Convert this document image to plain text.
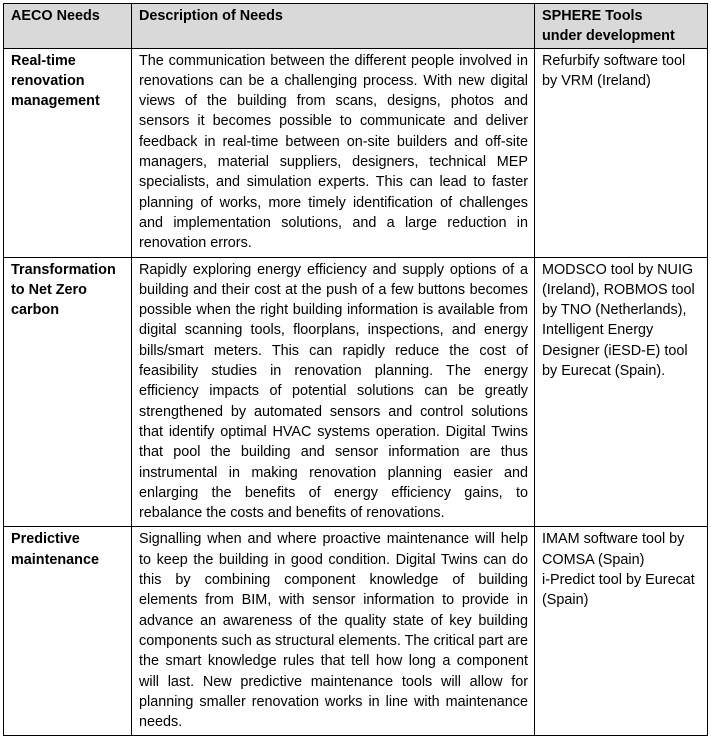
AECO Needs	Description of Needs	SPHERE Tools
under development

Real-time renovation management	The communication between the different people involved in renovations can be a challenging process. With new digital views of the building from scans, designs, photos and sensors it becomes possible to communicate and deliver feedback in real-time between on-site builders and off-site managers, material suppliers, designers, technical MEP specialists, and simulation experts. This can lead to faster planning of works, more timely identification of challenges and implementation solutions, and a large reduction in renovation errors.	Refurbify software tool by VRM (Ireland)

Transformation to Net Zero carbon	Rapidly exploring energy efficiency and supply options of a building and their cost at the push of a few buttons becomes possible when the right building information is available from digital scanning tools, floorplans, inspections, and energy bills/smart meters. This can rapidly reduce the cost of feasibility studies in renovation planning. The energy efficiency impacts of potential solutions can be greatly strengthened by automated sensors and control solutions that identify optimal HVAC systems operation. Digital Twins that pool the building and sensor information are thus instrumental in making renovation planning easier and enlarging the benefits of energy efficiency gains, to rebalance the costs and benefits of renovations.	MODSCO tool by NUIG (Ireland), ROBMOS tool by TNO (Netherlands), Intelligent Energy Designer (iESD-E) tool by Eurecat (Spain).

Predictive maintenance	Signalling when and where proactive maintenance will help to keep the building in good condition. Digital Twins can do this by combining component knowledge of building elements from BIM, with sensor information to provide in advance an awareness of the quality state of key building components such as structural elements. The critical part are the smart knowledge rules that tell how long a component will last. New predictive maintenance tools will allow for planning smaller renovation works in line with maintenance needs.	IMAM software tool by COMSA (Spain)
i-Predict tool by Eurecat (Spain)
